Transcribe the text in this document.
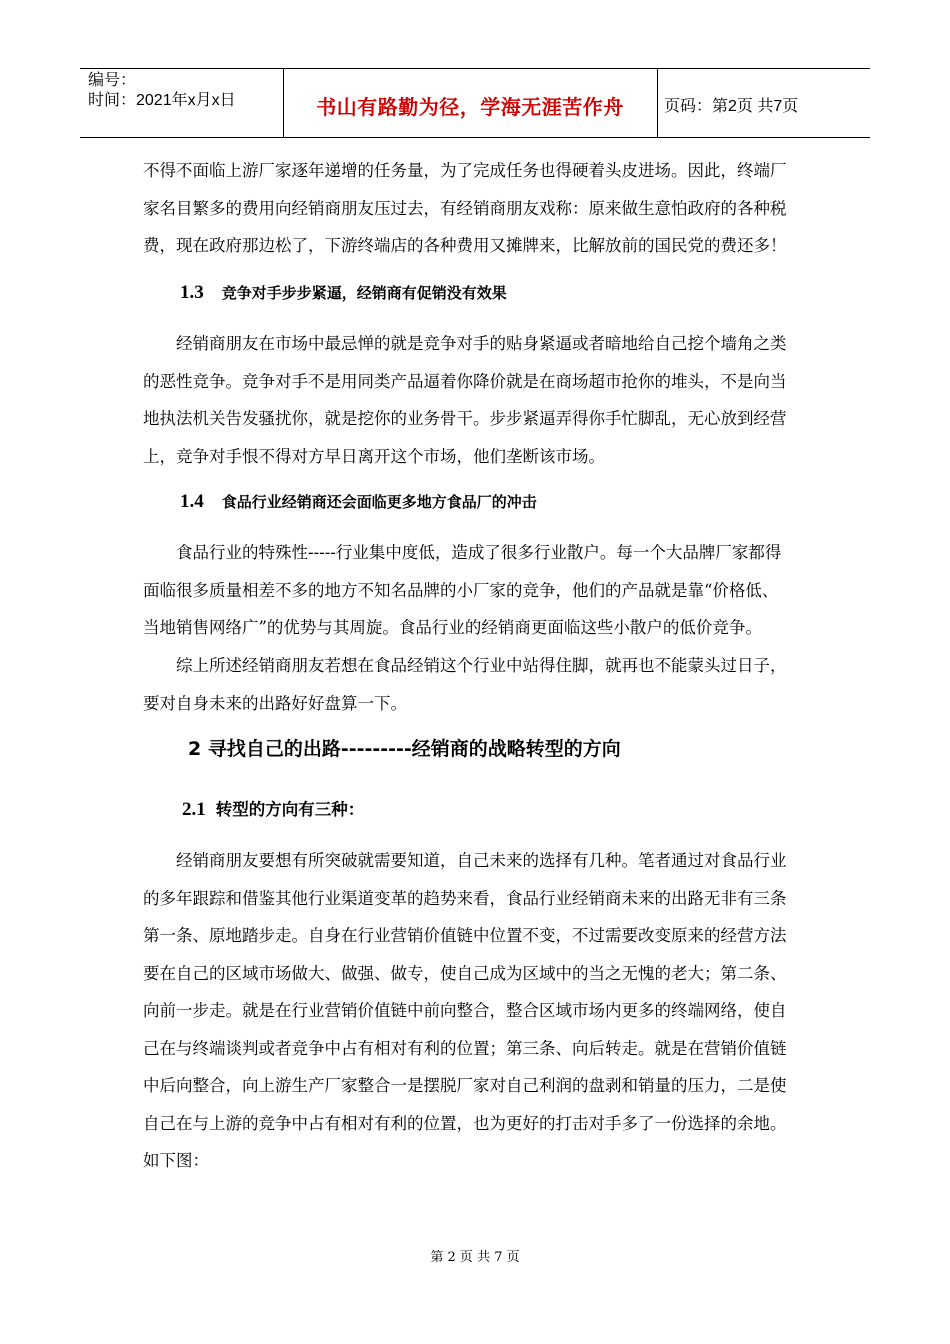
编号：
时间：2021年x月x日	书山有路勤为径，学海无涯苦作舟	页码：第2页 共7页
不得不面临上游厂家逐年递增的任务量，为了完成任务也得硬着头皮进场。因此，终端厂
家名目繁多的费用向经销商朋友压过去，有经销商朋友戏称：原来做生意怕政府的各种税
费，现在政府那边松了，下游终端店的各种费用又摊牌来，比解放前的国民党的费还多！
1.3 竞争对手步步紧逼，经销商有促销没有效果
经销商朋友在市场中最忌惮的就是竞争对手的贴身紧逼或者暗地给自己挖个墙角之类
的恶性竞争。竞争对手不是用同类产品逼着你降价就是在商场超市抢你的堆头，不是向当
地执法机关告发骚扰你，就是挖你的业务骨干。步步紧逼弄得你手忙脚乱，无心放到经营
上，竞争对手恨不得对方早日离开这个市场，他们垄断该市场。
1.4 食品行业经销商还会面临更多地方食品厂的冲击
食品行业的特殊性-----行业集中度低，造成了很多行业散户。每一个大品牌厂家都得
面临很多质量相差不多的地方不知名品牌的小厂家的竞争，他们的产品就是靠“价格低、
当地销售网络广”的优势与其周旋。食品行业的经销商更面临这些小散户的低价竞争。
综上所述经销商朋友若想在食品经销这个行业中站得住脚，就再也不能蒙头过日子，
要对自身未来的出路好好盘算一下。
2 寻找自己的出路---------经销商的战略转型的方向
2.1 转型的方向有三种：
经销商朋友要想有所突破就需要知道，自己未来的选择有几种。笔者通过对食品行业
的多年跟踪和借鉴其他行业渠道变革的趋势来看，食品行业经销商未来的出路无非有三条
第一条、原地踏步走。自身在行业营销价值链中位置不变，不过需要改变原来的经营方法
要在自己的区域市场做大、做强、做专，使自己成为区域中的当之无愧的老大；第二条、
向前一步走。就是在行业营销价值链中前向整合，整合区域市场内更多的终端网络，使自
己在与终端谈判或者竞争中占有相对有利的位置；第三条、向后转走。就是在营销价值链
中后向整合，向上游生产厂家整合一是摆脱厂家对自己利润的盘剥和销量的压力，二是使
自己在与上游的竞争中占有相对有利的位置，也为更好的打击对手多了一份选择的余地。
如下图：
第 2 页 共 7 页
